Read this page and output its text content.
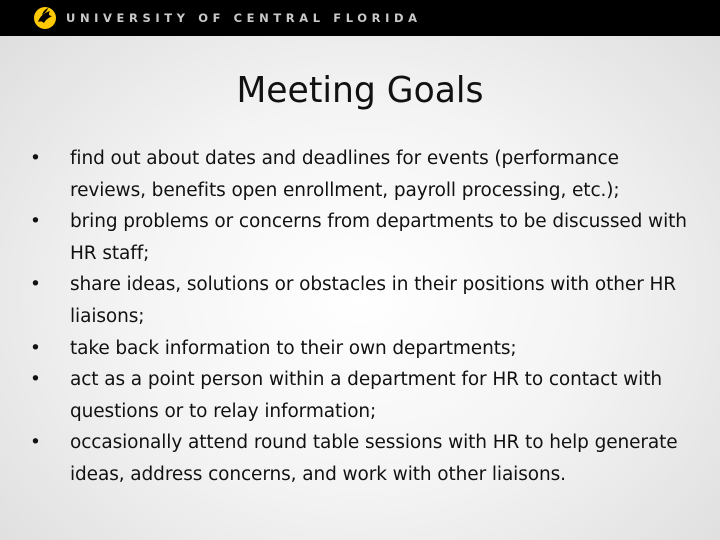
UNIVERSITY OF CENTRAL FLORIDA
Meeting Goals
• find out about dates and deadlines for events (performance reviews, benefits open enrollment, payroll processing, etc.);
• bring problems or concerns from departments to be discussed with HR staff;
• share ideas, solutions or obstacles in their positions with other HR liaisons;
• take back information to their own departments;
• act as a point person within a department for HR to contact with questions or to relay information;
• occasionally attend round table sessions with HR to help generate ideas, address concerns, and work with other liaisons.
